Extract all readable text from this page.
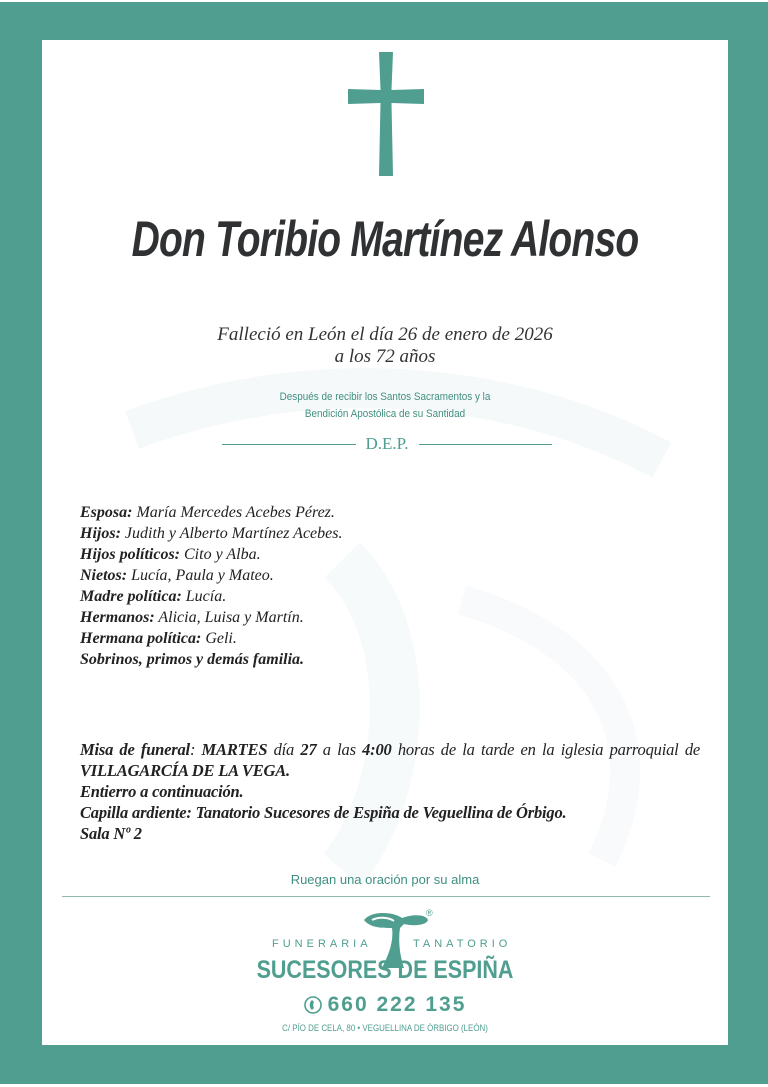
Don Toribio Martínez Alonso
Falleció en León el día 26 de enero de 2026
a los 72 años
Después de recibir los Santos Sacramentos y la
Bendición Apostólica de su Santidad
D.E.P.
Esposa: María Mercedes Acebes Pérez.
Hijos: Judith y Alberto Martínez Acebes.
Hijos políticos: Cito y Alba.
Nietos: Lucía, Paula y Mateo.
Madre política: Lucía.
Hermanos: Alicia, Luisa y Martín.
Hermana política: Geli.
Sobrinos, primos y demás familia.
Misa de funeral: MARTES día 27 a las 4:00 horas de la tarde en la iglesia parroquial de VILLAGARCÍA DE LA VEGA.
Entierro a continuación.
Capilla ardiente: Tanatorio Sucesores de Espiña de Veguellina de Órbigo.
Sala Nº 2
Ruegan una oración por su alma
®
FUNERARIA	TANATORIO
SUCESORES DE ESPIÑA
660 222 135
C/ PÍO DE CELA, 80 • VEGUELLINA DE ÓRBIGO (LEÓN)
